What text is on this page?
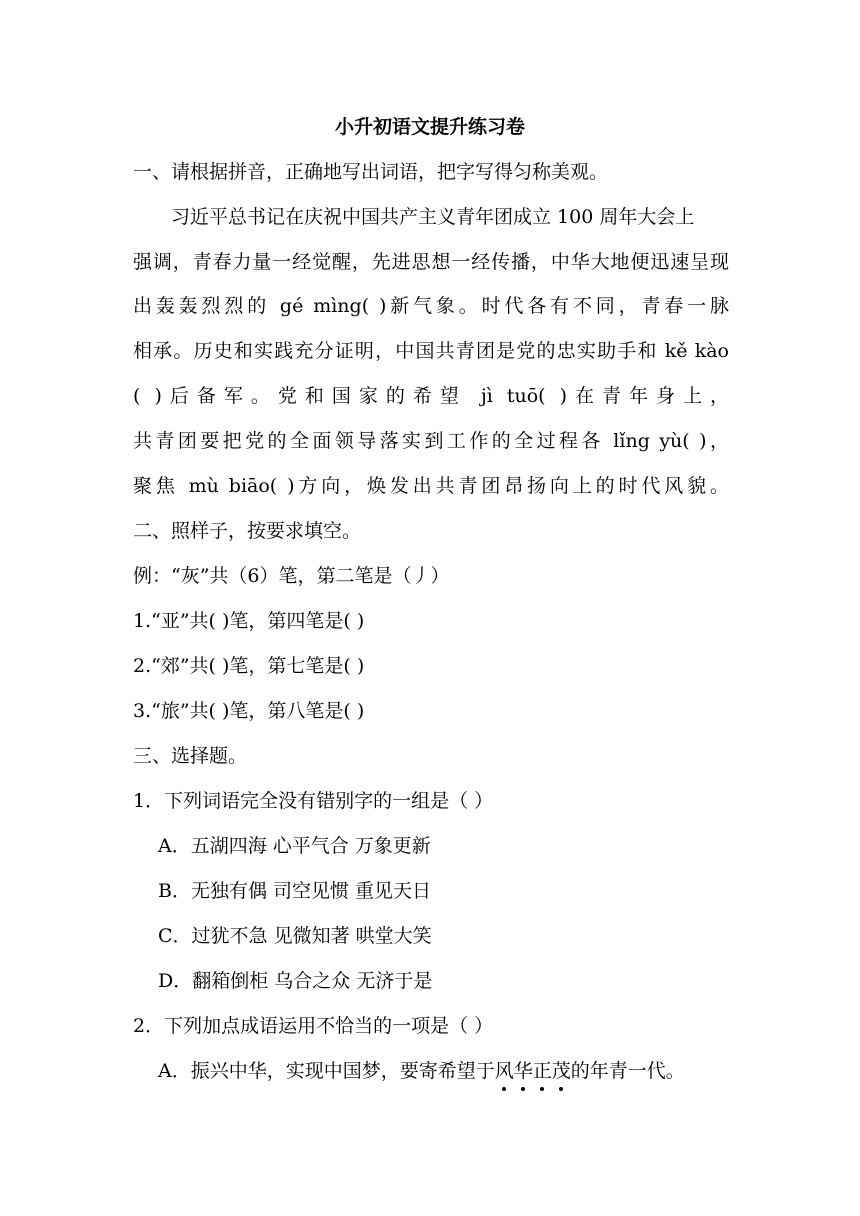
小升初语文提升练习卷
一、请根据拼音，正确地写出词语，把字写得匀称美观。
习近平总书记在庆祝中国共产主义青年团成立 100 周年大会上
强调，青春力量一经觉醒，先进思想一经传播，中华大地便迅速呈现
出轰轰烈烈的 gé mìng( )新气象。时代各有不同，青春一脉
相承。历史和实践充分证明，中国共青团是党的忠实助手和 kě kào
( )后备军。党和国家的希望 jì tuō( )在青年身上，
共青团要把党的全面领导落实到工作的全过程各 lǐng yù( )，
聚焦 mù biāo( )方向，焕发出共青团昂扬向上的时代风貌。
二、照样子，按要求填空。
例：“灰”共（6）笔，第二笔是（丿）
1.“亚”共( )笔，第四笔是( )
2.“郊”共( )笔，第七笔是( )
3.“旅”共( )笔，第八笔是( )
三、选择题。
1．下列词语完全没有错别字的一组是（ ）
A．五湖四海 心平气合 万象更新
B．无独有偶 司空见惯 重见天日
C．过犹不急 见微知著 哄堂大笑
D．翻箱倒柜 乌合之众 无济于是
2．下列加点成语运用不恰当的一项是（ ）
A．振兴中华，实现中国梦，要寄希望于风华正茂的年青一代。
